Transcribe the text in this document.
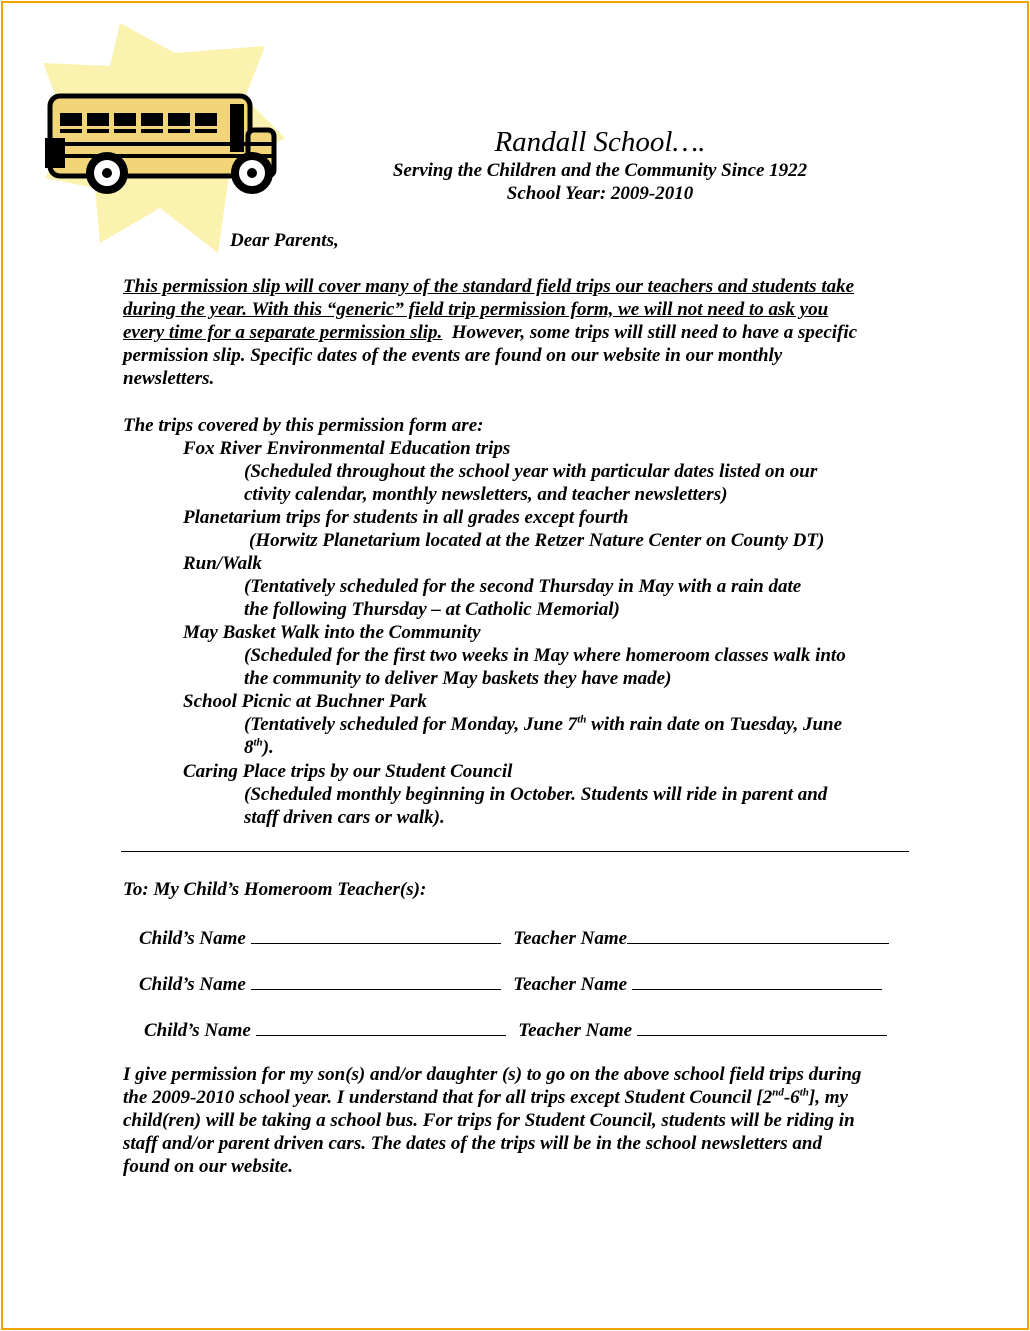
Randall School….
Serving the Children and the Community Since 1922
School Year: 2009-2010
Dear Parents,
This permission slip will cover many of the standard field trips our teachers and students take
during the year. With this “generic” field trip permission form, we will not need to ask you
every time for a separate permission slip.  However, some trips will still need to have a specific
permission slip. Specific dates of the events are found on our website in our monthly
newsletters.
The trips covered by this permission form are:
Fox River Environmental Education trips
(Scheduled throughout the school year with particular dates listed on our
ctivity calendar, monthly newsletters, and teacher newsletters)
Planetarium trips for students in all grades except fourth
(Horwitz Planetarium located at the Retzer Nature Center on County DT)
Run/Walk
(Tentatively scheduled for the second Thursday in May with a rain date
the following Thursday – at Catholic Memorial)
May Basket Walk into the Community
(Scheduled for the first two weeks in May where homeroom classes walk into
the community to deliver May baskets they have made)
School Picnic at Buchner Park
(Tentatively scheduled for Monday, June 7th with rain date on Tuesday, June
8th).
Caring Place trips by our Student Council
(Scheduled monthly beginning in October. Students will ride in parent and
staff driven cars or walk).
To: My Child’s Homeroom Teacher(s):
Child’s Name	Teacher Name
Child’s Name	Teacher Name
Child’s Name	Teacher Name
I give permission for my son(s) and/or daughter (s) to go on the above school field trips during
the 2009-2010 school year. I understand that for all trips except Student Council [2nd-6th], my
child(ren) will be taking a school bus. For trips for Student Council, students will be riding in
staff and/or parent driven cars. The dates of the trips will be in the school newsletters and
found on our website.
